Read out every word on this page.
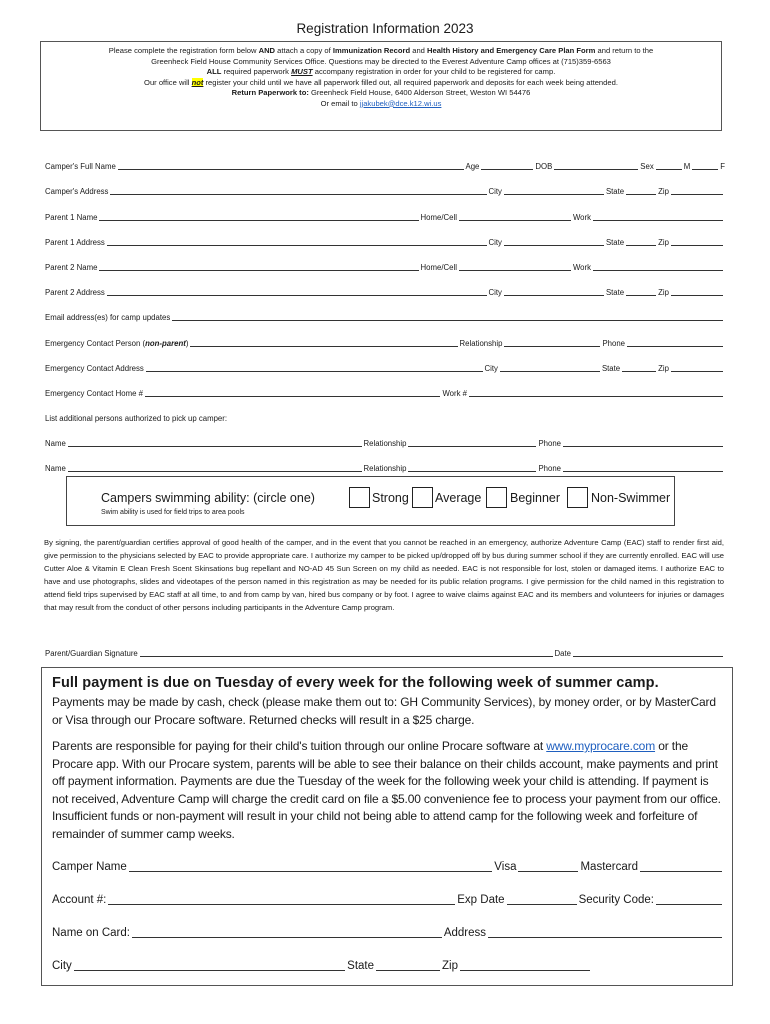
Registration Information 2023
Please complete the registration form below AND attach a copy of Immunization Record and Health History and Emergency Care Plan Form and return to the
Greenheck Field House Community Services Office. Questions may be directed to the Everest Adventure Camp offices at (715)359-6563
ALL required paperwork MUST accompany registration in order for your child to be registered for camp.
Our office will not register your child until we have all paperwork filled out, all required paperwork and deposits for each week being attended.
Return Paperwork to: Greenheck Field House, 6400 Alderson Street, Weston WI 54476
Or email to jjakubek@dce.k12.wi.us
Camper's Full Name	Age	DOB	Sex	M	F
Camper's Address	City	State	Zip
Parent 1 Name	Home/Cell	Work
Parent 1 Address	City	State	Zip
Parent 2 Name	Home/Cell	Work
Parent 2 Address	City	State	Zip
Email address(es) for camp updates
Emergency Contact Person ( non-parent )	Relationship	Phone
Emergency Contact Address	City	State	Zip
Emergency Contact Home #	Work #
List additional persons authorized to pick up camper:
Name	Relationship	Phone
Name	Relationship	Phone
Campers swimming ability: (circle one)
Swim ability is used for field trips to area pools
Strong Average Beginner Non-Swimmer
By signing, the parent/guardian certifies approval of good health of the camper, and in the event that you cannot be reached in an emergency, authorize Adventure Camp (EAC) staff to render first aid, give permission to the physicians selected by EAC to provide appropriate care. I authorize my camper to be picked up/dropped off by bus during summer school if they are currently enrolled. EAC will use Cutter Aloe & Vitamin E Clean Fresh Scent Skinsations bug repellant and NO-AD 45 Sun Screen on my child as needed. EAC is not responsible for lost, stolen or damaged items. I authorize EAC to have and use photographs, slides and videotapes of the person named in this registration as may be needed for its public relation programs. I give permission for the child named in this registration to attend field trips supervised by EAC staff at all time, to and from camp by van, hired bus company or by foot. I agree to waive claims against EAC and its members and volunteers for injuries or damages that may result from the conduct of other persons including participants in the Adventure Camp program.
Parent/Guardian Signature	Date
Full payment is due on Tuesday of every week for the following week of summer camp.
Payments may be made by cash, check (please make them out to: GH Community Services), by money order, or by MasterCard or Visa through our Procare software. Returned checks will result in a $25 charge.
Parents are responsible for paying for their child's tuition through our online Procare software at www.myprocare.com or the Procare app. With our Procare system, parents will be able to see their balance on their childs account, make payments and print off payment information. Payments are due the Tuesday of the week for the following week your child is attending. If payment is not received, Adventure Camp will charge the credit card on file a $5.00 convenience fee to process your payment from our office. Insufficient funds or non-payment will result in your child not being able to attend camp for the following week and forfeiture of remainder of summer camp weeks.
Camper Name	Visa	Mastercard
Account #:	Exp Date	Security Code:
Name on Card:	Address
City	State	Zip
